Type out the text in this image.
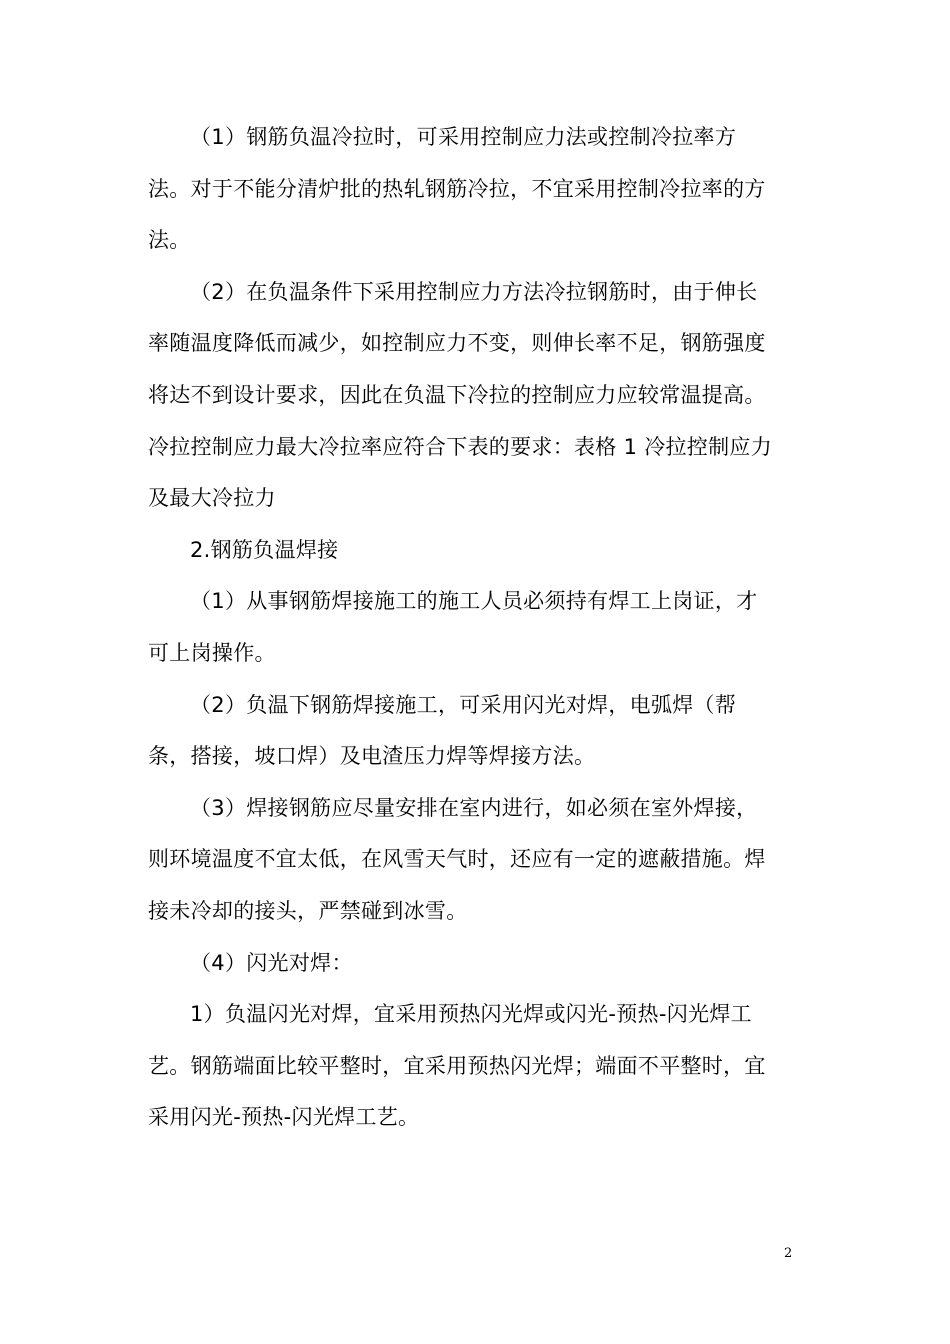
（1）钢筋负温冷拉时，可采用控制应力法或控制冷拉率方
法。对于不能分清炉批的热轧钢筋冷拉，不宜采用控制冷拉率的方
法。
（2）在负温条件下采用控制应力方法冷拉钢筋时，由于伸长
率随温度降低而减少，如控制应力不变，则伸长率不足，钢筋强度
将达不到设计要求，因此在负温下冷拉的控制应力应较常温提高。
冷拉控制应力最大冷拉率应符合下表的要求：表格 1 冷拉控制应力
及最大冷拉力
2.钢筋负温焊接
（1）从事钢筋焊接施工的施工人员必须持有焊工上岗证，才
可上岗操作。
（2）负温下钢筋焊接施工，可采用闪光对焊，电弧焊（帮
条，搭接，坡口焊）及电渣压力焊等焊接方法。
（3）焊接钢筋应尽量安排在室内进行，如必须在室外焊接，
则环境温度不宜太低，在风雪天气时，还应有一定的遮蔽措施。焊
接未冷却的接头，严禁碰到冰雪。
（4）闪光对焊：
1）负温闪光对焊，宜采用预热闪光焊或闪光-预热-闪光焊工
艺。钢筋端面比较平整时，宜采用预热闪光焊；端面不平整时，宜
采用闪光-预热-闪光焊工艺。
2
